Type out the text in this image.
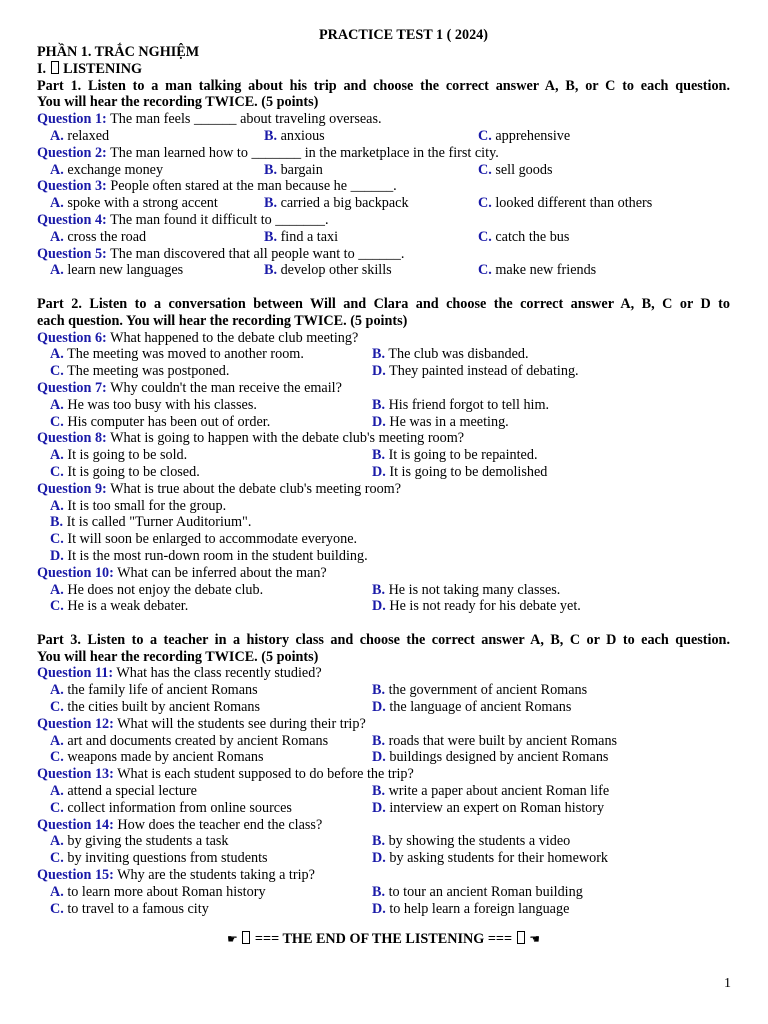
PRACTICE TEST 1 ( 2024)
PHẦN 1. TRẮC NGHIỆM
I.  LISTENING
Part 1. Listen to a man talking about his trip and choose the correct answer A, B, or C to each question.
You will hear the recording TWICE. (5 points)
Question 1: The man feels ______ about traveling overseas.
A. relaxed	B. anxious	C. apprehensive
Question 2: The man learned how to _______ in the marketplace in the first city.
A. exchange money	B. bargain	C. sell goods
Question 3: People often stared at the man because he ______.
A. spoke with a strong accent	B. carried a big backpack	C. looked different than others
Question 4: The man found it difficult to _______.
A. cross the road	B. find a taxi	C. catch the bus
Question 5: The man discovered that all people want to ______.
A. learn new languages	B. develop other skills	C. make new friends
Part 2. Listen to a conversation between Will and Clara and choose the correct answer A, B, C or D to
each question. You will hear the recording TWICE. (5 points)
Question 6: What happened to the debate club meeting?
A. The meeting was moved to another room.	B. The club was disbanded.
C. The meeting was postponed.	D. They painted instead of debating.
Question 7: Why couldn't the man receive the email?
A. He was too busy with his classes.	B. His friend forgot to tell him.
C. His computer has been out of order.	D. He was in a meeting.
Question 8: What is going to happen with the debate club's meeting room?
A. It is going to be sold.	B. It is going to be repainted.
C. It is going to be closed.	D. It is going to be demolished
Question 9: What is true about the debate club's meeting room?
A. It is too small for the group.
B. It is called "Turner Auditorium".
C. It will soon be enlarged to accommodate everyone.
D. It is the most run-down room in the student building.
Question 10: What can be inferred about the man?
A. He does not enjoy the debate club.	B. He is not taking many classes.
C. He is a weak debater.	D. He is not ready for his debate yet.
Part 3. Listen to a teacher in a history class and choose the correct answer A, B, C or D to each question.
You will hear the recording TWICE. (5 points)
Question 11: What has the class recently studied?
A. the family life of ancient Romans	B. the government of ancient Romans
C. the cities built by ancient Romans	D. the language of ancient Romans
Question 12: What will the students see during their trip?
A. art and documents created by ancient Romans	B. roads that were built by ancient Romans
C. weapons made by ancient Romans	D. buildings designed by ancient Romans
Question 13: What is each student supposed to do before the trip?
A. attend a special lecture	B. write a paper about ancient Roman life
C. collect information from online sources	D. interview an expert on Roman history
Question 14: How does the teacher end the class?
A. by giving the students a task	B. by showing the students a video
C. by inviting questions from students	D. by asking students for their homework
Question 15: Why are the students taking a trip?
A. to learn more about Roman history	B. to tour an ancient Roman building
C. to travel to a famous city	D. to help learn a foreign language
☛ === THE END OF THE LISTENING === ☚
1
